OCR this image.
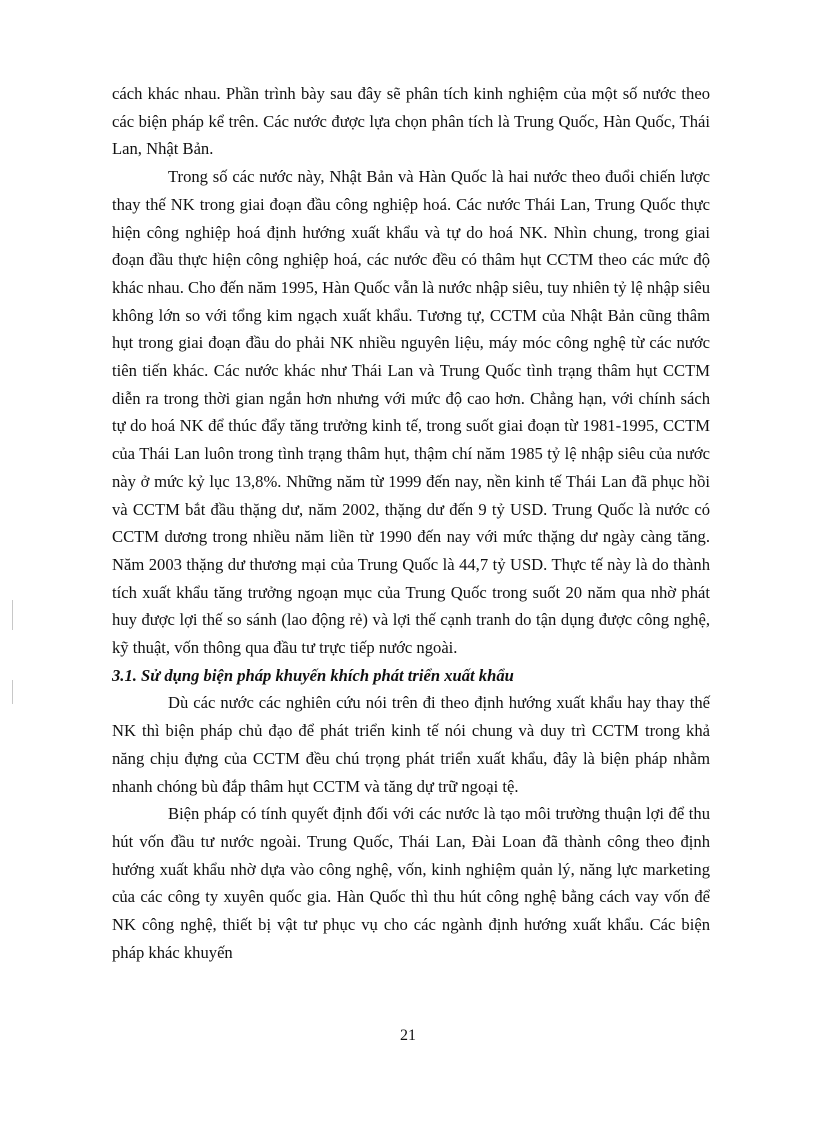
cách khác nhau. Phần trình bày sau đây sẽ phân tích kinh nghiệm của một số nước theo các biện pháp kể trên. Các nước được lựa chọn phân tích là Trung Quốc, Hàn Quốc, Thái Lan, Nhật Bản.

Trong số các nước này, Nhật Bản và Hàn Quốc là hai nước theo đuổi chiến lược thay thế NK trong giai đoạn đầu công nghiệp hoá. Các nước Thái Lan, Trung Quốc thực hiện công nghiệp hoá định hướng xuất khẩu và tự do hoá NK. Nhìn chung, trong giai đoạn đầu thực hiện công nghiệp hoá, các nước đều có thâm hụt CCTM theo các mức độ khác nhau. Cho đến năm 1995, Hàn Quốc vẫn là nước nhập siêu, tuy nhiên tỷ lệ nhập siêu không lớn so với tổng kim ngạch xuất khẩu. Tương tự, CCTM của Nhật Bản cũng thâm hụt trong giai đoạn đầu do phải NK nhiều nguyên liệu, máy móc công nghệ từ các nước tiên tiến khác. Các nước khác như Thái Lan và Trung Quốc tình trạng thâm hụt CCTM diễn ra trong thời gian ngắn hơn nhưng với mức độ cao hơn. Chẳng hạn, với chính sách tự do hoá NK để thúc đẩy tăng trưởng kinh tế, trong suốt giai đoạn từ 1981-1995, CCTM của Thái Lan luôn trong tình trạng thâm hụt, thậm chí năm 1985 tỷ lệ nhập siêu của nước này ở mức kỷ lục 13,8%. Những năm từ 1999 đến nay, nền kinh tế Thái Lan đã phục hồi và CCTM bắt đầu thặng dư, năm 2002, thặng dư đến 9 tỷ USD. Trung Quốc là nước có CCTM dương trong nhiều năm liền từ 1990 đến nay với mức thặng dư ngày càng tăng. Năm 2003 thặng dư thương mại của Trung Quốc là 44,7 tỷ USD. Thực tế này là do thành tích xuất khẩu tăng trưởng ngoạn mục của Trung Quốc trong suốt 20 năm qua nhờ phát huy được lợi thế so sánh (lao động rẻ) và lợi thế cạnh tranh do tận dụng được công nghệ, kỹ thuật, vốn thông qua đầu tư trực tiếp nước ngoài.

3.1. Sử dụng biện pháp khuyến khích phát triển xuất khẩu

Dù các nước các nghiên cứu nói trên đi theo định hướng xuất khẩu hay thay thế NK thì biện pháp chủ đạo để phát triển kinh tế nói chung và duy trì CCTM trong khả năng chịu đựng của CCTM đều chú trọng phát triển xuất khẩu, đây là biện pháp nhằm nhanh chóng bù đắp thâm hụt CCTM và tăng dự trữ ngoại tệ.

Biện pháp có tính quyết định đối với các nước là tạo môi trường thuận lợi để thu hút vốn đầu tư nước ngoài. Trung Quốc, Thái Lan, Đài Loan đã thành công theo định hướng xuất khẩu nhờ dựa vào công nghệ, vốn, kinh nghiệm quản lý, năng lực marketing của các công ty xuyên quốc gia. Hàn Quốc thì thu hút công nghệ bằng cách vay vốn để NK công nghệ, thiết bị vật tư phục vụ cho các ngành định hướng xuất khẩu. Các biện pháp khác khuyến

21
